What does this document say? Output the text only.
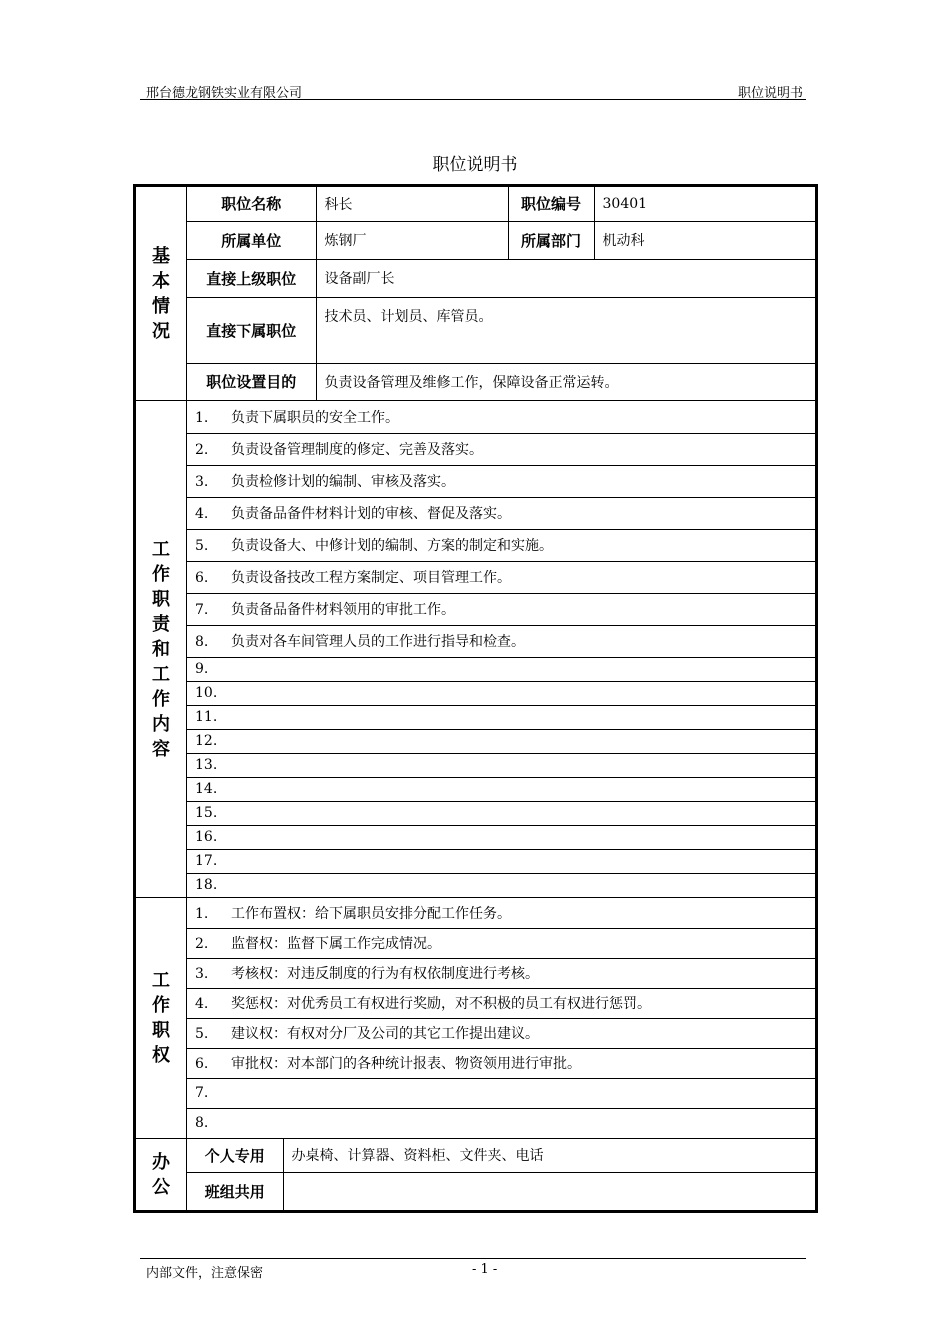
邢台德龙钢铁实业有限公司	职位说明书
职位说明书
基
本
情
况

职位名称	科长	职位编号	30401
所属单位	炼钢厂	所属部门	机动科
直接上级职位	设备副厂长
直接下属职位	技术员、计划员、库管员。
职位设置目的	负责设备管理及维修工作，保障设备正常运转。

工
作
职
责
和
工
作
内
容

1. 负责下属职员的安全工作。
2. 负责设备管理制度的修定、完善及落实。
3. 负责检修计划的编制、审核及落实。
4. 负责备品备件材料计划的审核、督促及落实。
5. 负责设备大、中修计划的编制、方案的制定和实施。
6. 负责设备技改工程方案制定、项目管理工作。
7. 负责备品备件材料领用的审批工作。
8. 负责对各车间管理人员的工作进行指导和检查。
9.
10.
11.
12.
13.
14.
15.
16.
17.
18.

工
作
职
权

1. 工作布置权：给下属职员安排分配工作任务。
2. 监督权：监督下属工作完成情况。
3. 考核权：对违反制度的行为有权依制度进行考核。
4. 奖惩权：对优秀员工有权进行奖励，对不积极的员工有权进行惩罚。
5. 建议权：有权对分厂及公司的其它工作提出建议。
6. 审批权：对本部门的各种统计报表、物资领用进行审批。
7.
8.

办
公

个人专用	办桌椅、计算器、资料柜、文件夹、电话
班组共用	
内部文件，注意保密	- 1 -
